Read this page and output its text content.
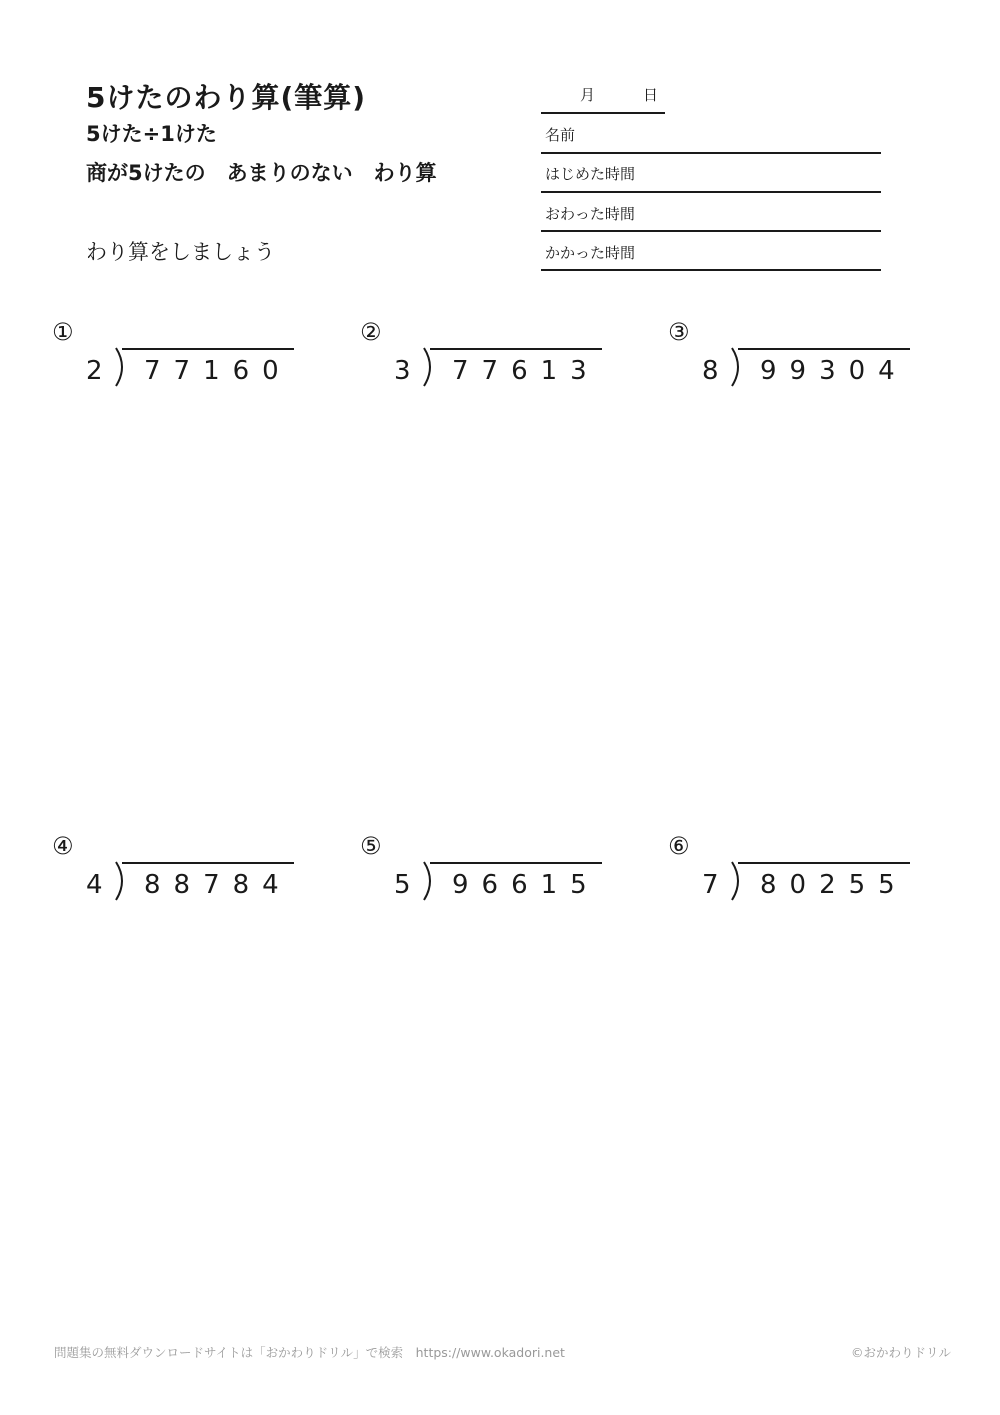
5けたのわり算(筆算)
5けた÷1けた
商が5けたの　あまりのない　わり算
わり算をしましょう
月	日
名前
はじめた時間
おわった時間
かかった時間
①
2 77160
②
3 77613
③
8 99304
④
4 88784
⑤
5 96615
⑥
7 80255
問題集の無料ダウンロードサイトは「おかわりドリル」で検索　https://www.okadori.net	©おかわりドリル
